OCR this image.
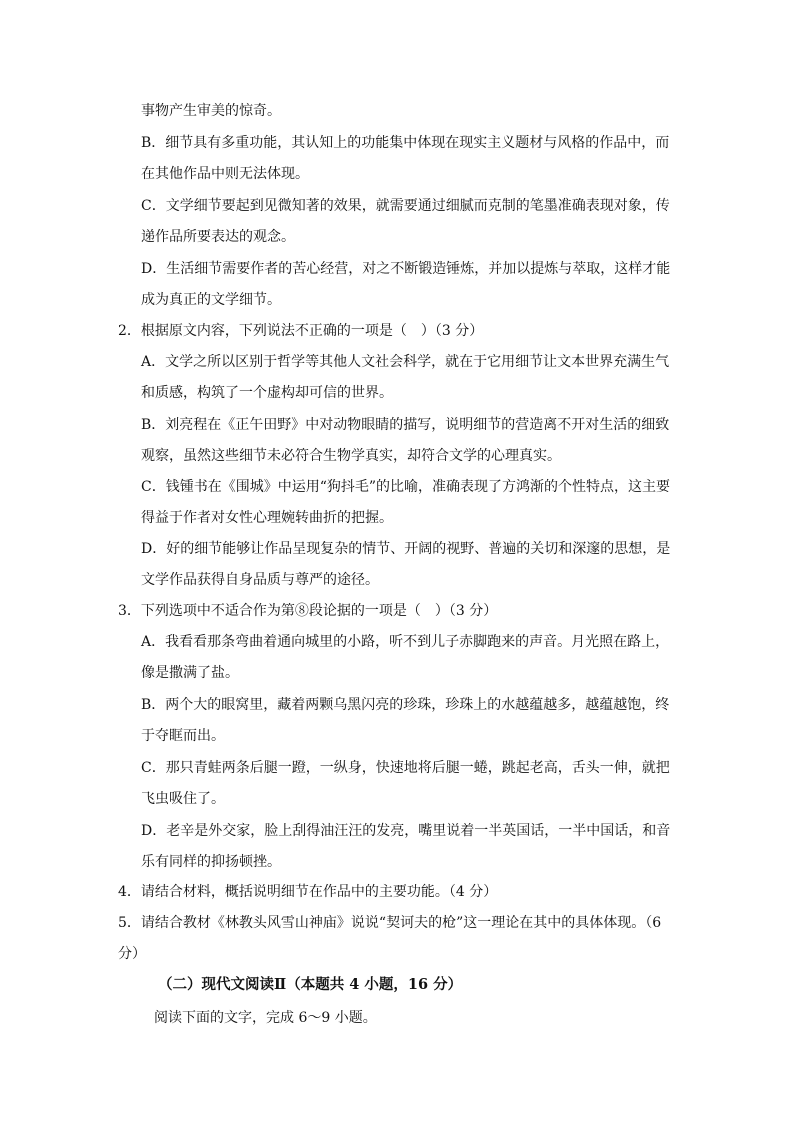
事物产生审美的惊奇。
B．细节具有多重功能，其认知上的功能集中体现在现实主义题材与风格的作品中，而
在其他作品中则无法体现。
C．文学细节要起到见微知著的效果，就需要通过细腻而克制的笔墨准确表现对象，传
递作品所要表达的观念。
D．生活细节需要作者的苦心经营，对之不断锻造锤炼，并加以提炼与萃取，这样才能
成为真正的文学细节。
2．根据原文内容，下列说法不正确的一项是（　）（3 分）
A．文学之所以区别于哲学等其他人文社会科学，就在于它用细节让文本世界充满生气
和质感，构筑了一个虚构却可信的世界。
B．刘亮程在《正午田野》中对动物眼睛的描写，说明细节的营造离不开对生活的细致
观察，虽然这些细节未必符合生物学真实，却符合文学的心理真实。
C．钱锺书在《围城》中运用“狗抖毛”的比喻，准确表现了方鸿渐的个性特点，这主要
得益于作者对女性心理婉转曲折的把握。
D．好的细节能够让作品呈现复杂的情节、开阔的视野、普遍的关切和深邃的思想，是
文学作品获得自身品质与尊严的途径。
3．下列选项中不适合作为第⑧段论据的一项是（　）（3 分）
A．我看看那条弯曲着通向城里的小路，听不到儿子赤脚跑来的声音。月光照在路上，
像是撒满了盐。
B．两个大的眼窝里，藏着两颗乌黑闪亮的珍珠，珍珠上的水越蕴越多，越蕴越饱，终
于夺眶而出。
C．那只青蛙两条后腿一蹬，一纵身，快速地将后腿一蜷，跳起老高，舌头一伸，就把
飞虫吸住了。
D．老辛是外交家，脸上刮得油汪汪的发亮，嘴里说着一半英国话，一半中国话，和音
乐有同样的抑扬顿挫。
4．请结合材料，概括说明细节在作品中的主要功能。（4 分）
5．请结合教材《林教头风雪山神庙》说说“契诃夫的枪”这一理论在其中的具体体现。（6
分）
（二）现代文阅读Ⅱ（本题共 4 小题，16 分）
阅读下面的文字，完成 6～9 小题。
